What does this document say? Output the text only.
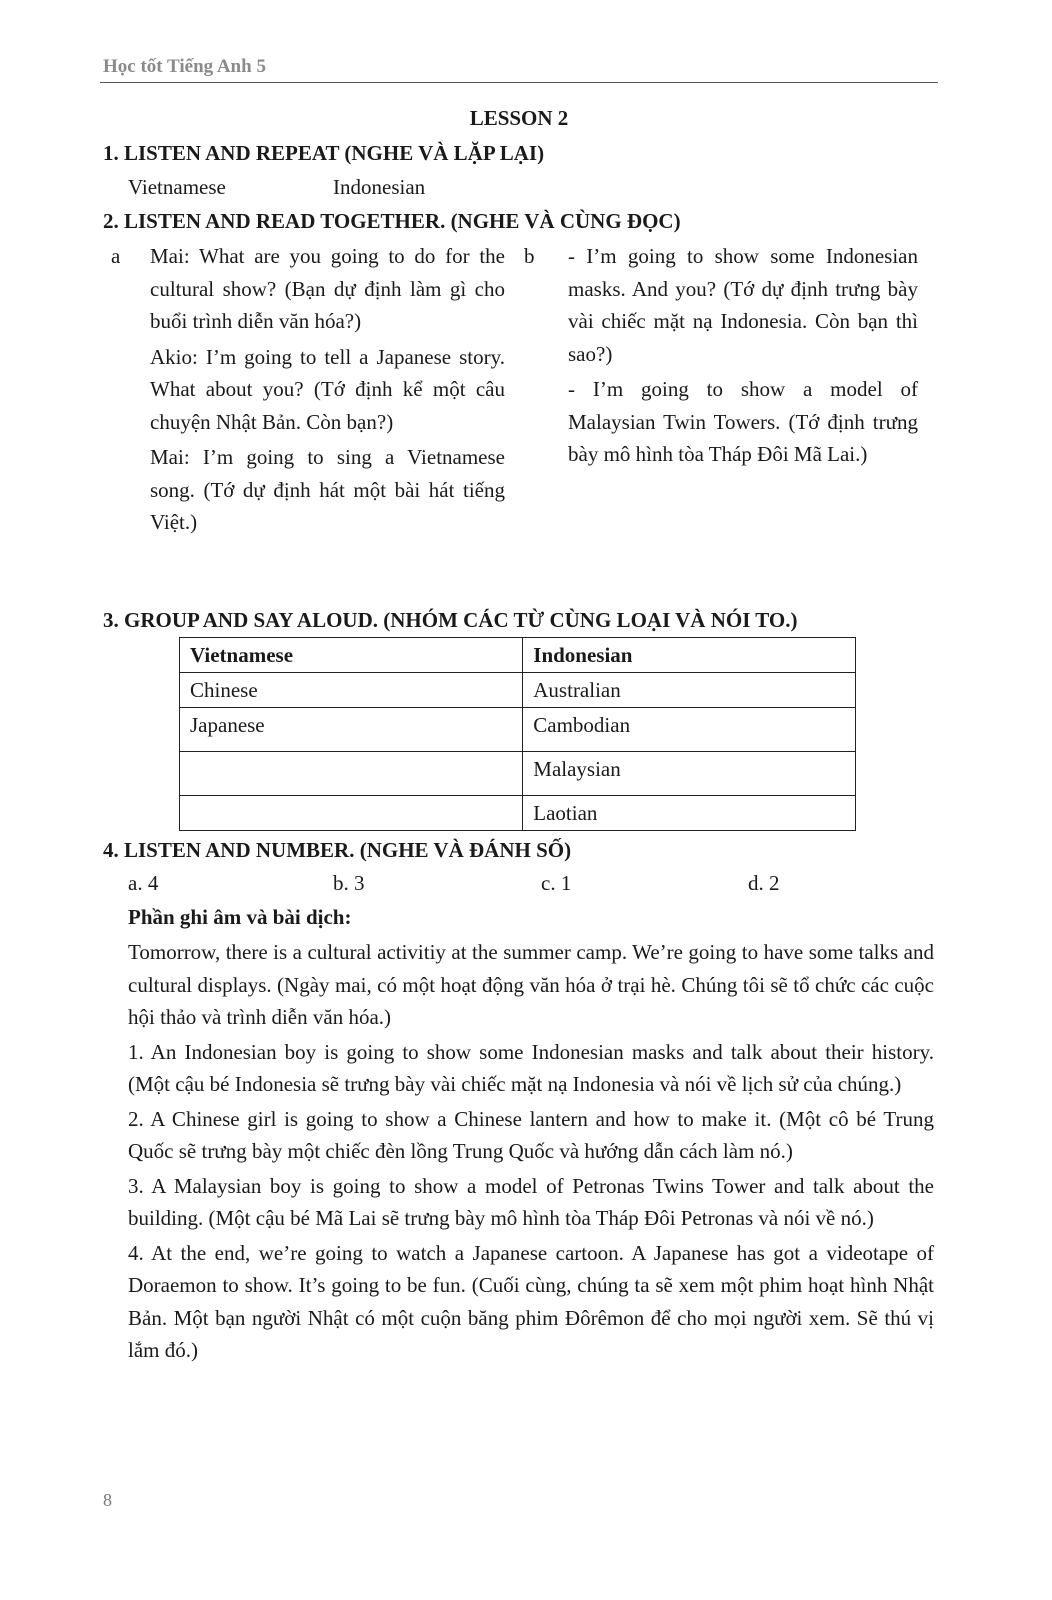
Học tốt Tiếng Anh 5
LESSON 2
1. LISTEN AND REPEAT (NGHE VÀ LẶP LẠI)
Vietnamese	Indonesian
2. LISTEN AND READ TOGETHER. (NGHE VÀ CÙNG ĐỌC)
a Mai: What are you going to do for the cultural show? (Bạn dự định làm gì cho buổi trình diễn văn hóa?)

Akio: I’m going to tell a Japanese story. What about you? (Tớ định kể một câu chuyện Nhật Bản. Còn bạn?)

Mai: I’m going to sing a Vietnamese song. (Tớ dự định hát một bài hát tiếng Việt.)

b - I’m going to show some Indonesian masks. And you? (Tớ dự định trưng bày vài chiếc mặt nạ Indonesia. Còn bạn thì sao?)

- I’m going to show a model of Malaysian Twin Towers. (Tớ định trưng bày mô hình tòa Tháp Đôi Mã Lai.)

3. GROUP AND SAY ALOUD. (NHÓM CÁC TỪ CÙNG LOẠI VÀ NÓI TO.)
Vietnamese	Indonesian
Chinese	Australian
Japanese	Cambodian
	Malaysian
	Laotian
4. LISTEN AND NUMBER. (NGHE VÀ ĐÁNH SỐ)
a. 4	b. 3	c. 1	d. 2
Phần ghi âm và bài dịch:

Tomorrow, there is a cultural activitiy at the summer camp. We’re going to have some talks and cultural displays. (Ngày mai, có một hoạt động văn hóa ở trại hè. Chúng tôi sẽ tổ chức các cuộc hội thảo và trình diễn văn hóa.)

1. An Indonesian boy is going to show some Indonesian masks and talk about their history. (Một cậu bé Indonesia sẽ trưng bày vài chiếc mặt nạ Indonesia và nói về lịch sử của chúng.)

2. A Chinese girl is going to show a Chinese lantern and how to make it. (Một cô bé Trung Quốc sẽ trưng bày một chiếc đèn lồng Trung Quốc và hướng dẫn cách làm nó.)

3. A Malaysian boy is going to show a model of Petronas Twins Tower and talk about the building. (Một cậu bé Mã Lai sẽ trưng bày mô hình tòa Tháp Đôi Petronas và nói về nó.)

4. At the end, we’re going to watch a Japanese cartoon. A Japanese has got a videotape of Doraemon to show. It’s going to be fun. (Cuối cùng, chúng ta sẽ xem một phim hoạt hình Nhật Bản. Một bạn người Nhật có một cuộn băng phim Đôrêmon để cho mọi người xem. Sẽ thú vị lắm đó.)

8
